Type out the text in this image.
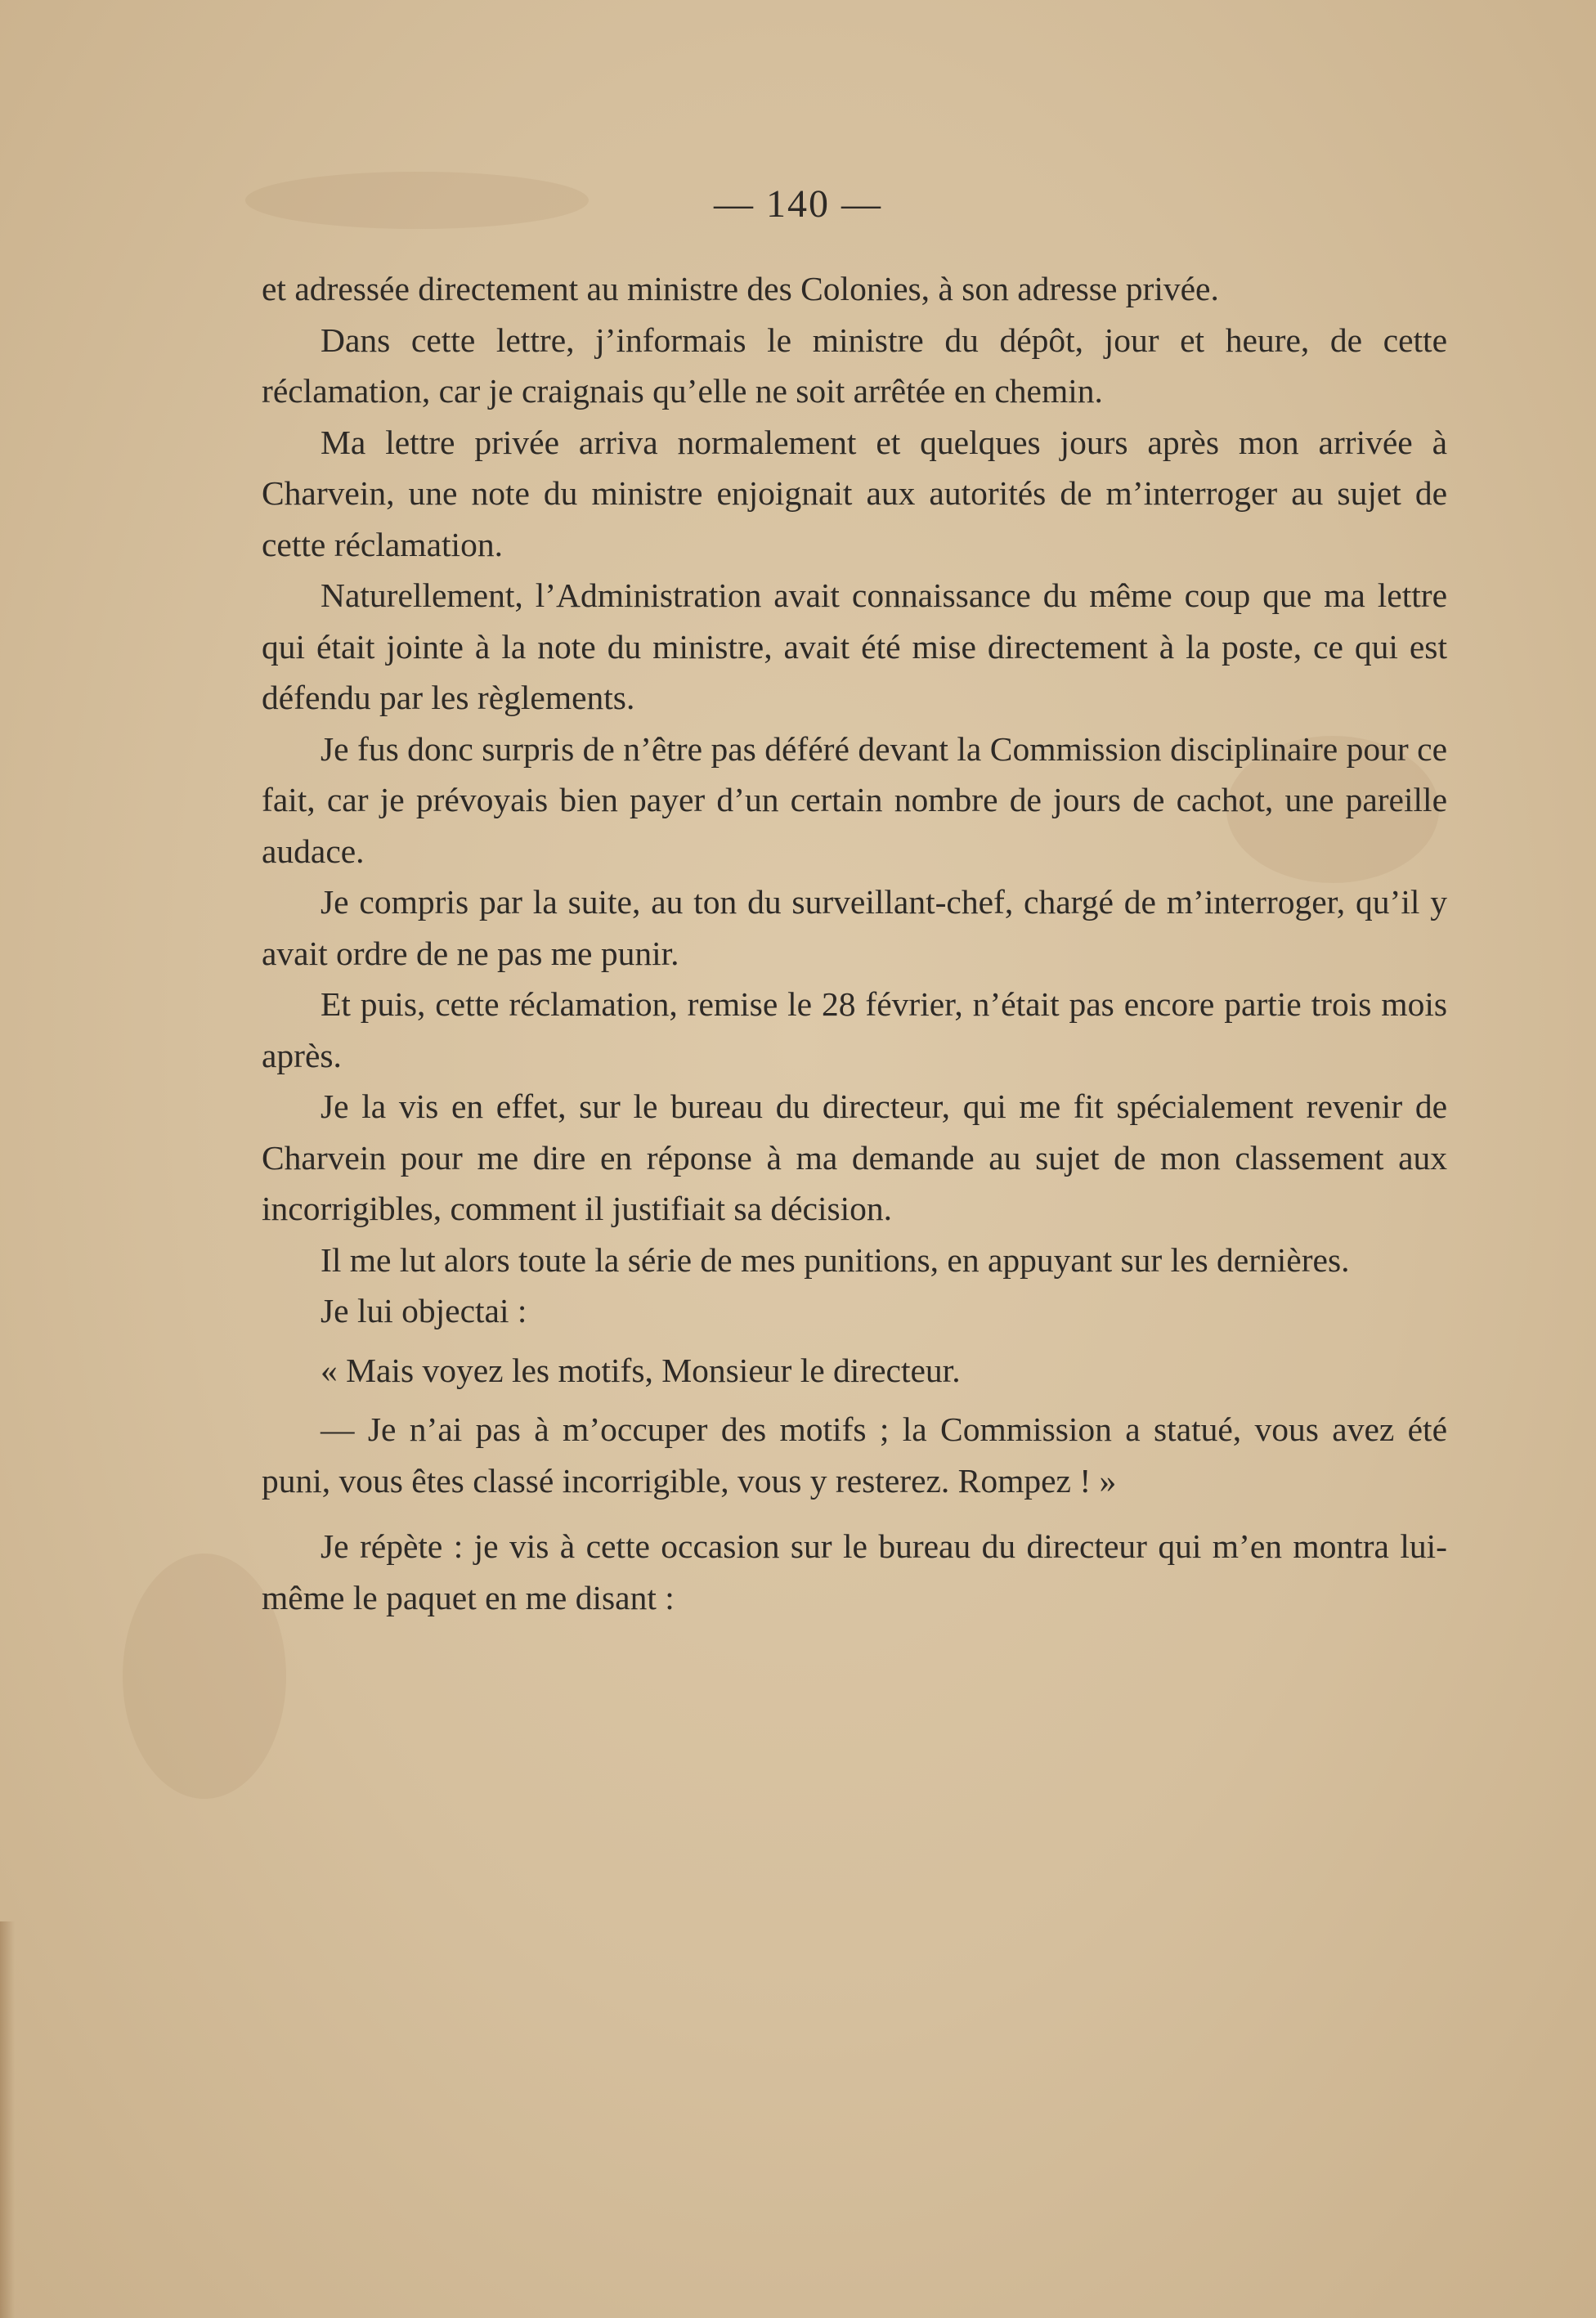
— 140 —

et adressée directement au ministre des Colonies, à son adresse privée.

Dans cette lettre, j’informais le ministre du dépôt, jour et heure, de cette réclamation, car je craignais qu’elle ne soit arrêtée en chemin.

Ma lettre privée arriva normalement et quelques jours après mon arrivée à Charvein, une note du ministre enjoignait aux autorités de m’interroger au sujet de cette réclamation.

Naturellement, l’Administration avait connaissance du même coup que ma lettre qui était jointe à la note du ministre, avait été mise directement à la poste, ce qui est défendu par les règlements.

Je fus donc surpris de n’être pas déféré devant la Commission disciplinaire pour ce fait, car je prévoyais bien payer d’un certain nombre de jours de cachot, une pareille audace.

Je compris par la suite, au ton du surveillant-chef, chargé de m’interroger, qu’il y avait ordre de ne pas me punir.

Et puis, cette réclamation, remise le 28 février, n’était pas encore partie trois mois après.

Je la vis en effet, sur le bureau du directeur, qui me fit spécialement revenir de Charvein pour me dire en réponse à ma demande au sujet de mon classement aux incorrigibles, comment il justifiait sa décision.

Il me lut alors toute la série de mes punitions, en appuyant sur les dernières.

Je lui objectai :

« Mais voyez les motifs, Monsieur le directeur.

— Je n’ai pas à m’occuper des motifs ; la Commission a statué, vous avez été puni, vous êtes classé incorrigible, vous y resterez. Rompez ! »

Je répète : je vis à cette occasion sur le bureau du directeur qui m’en montra lui-même le paquet en me disant :
